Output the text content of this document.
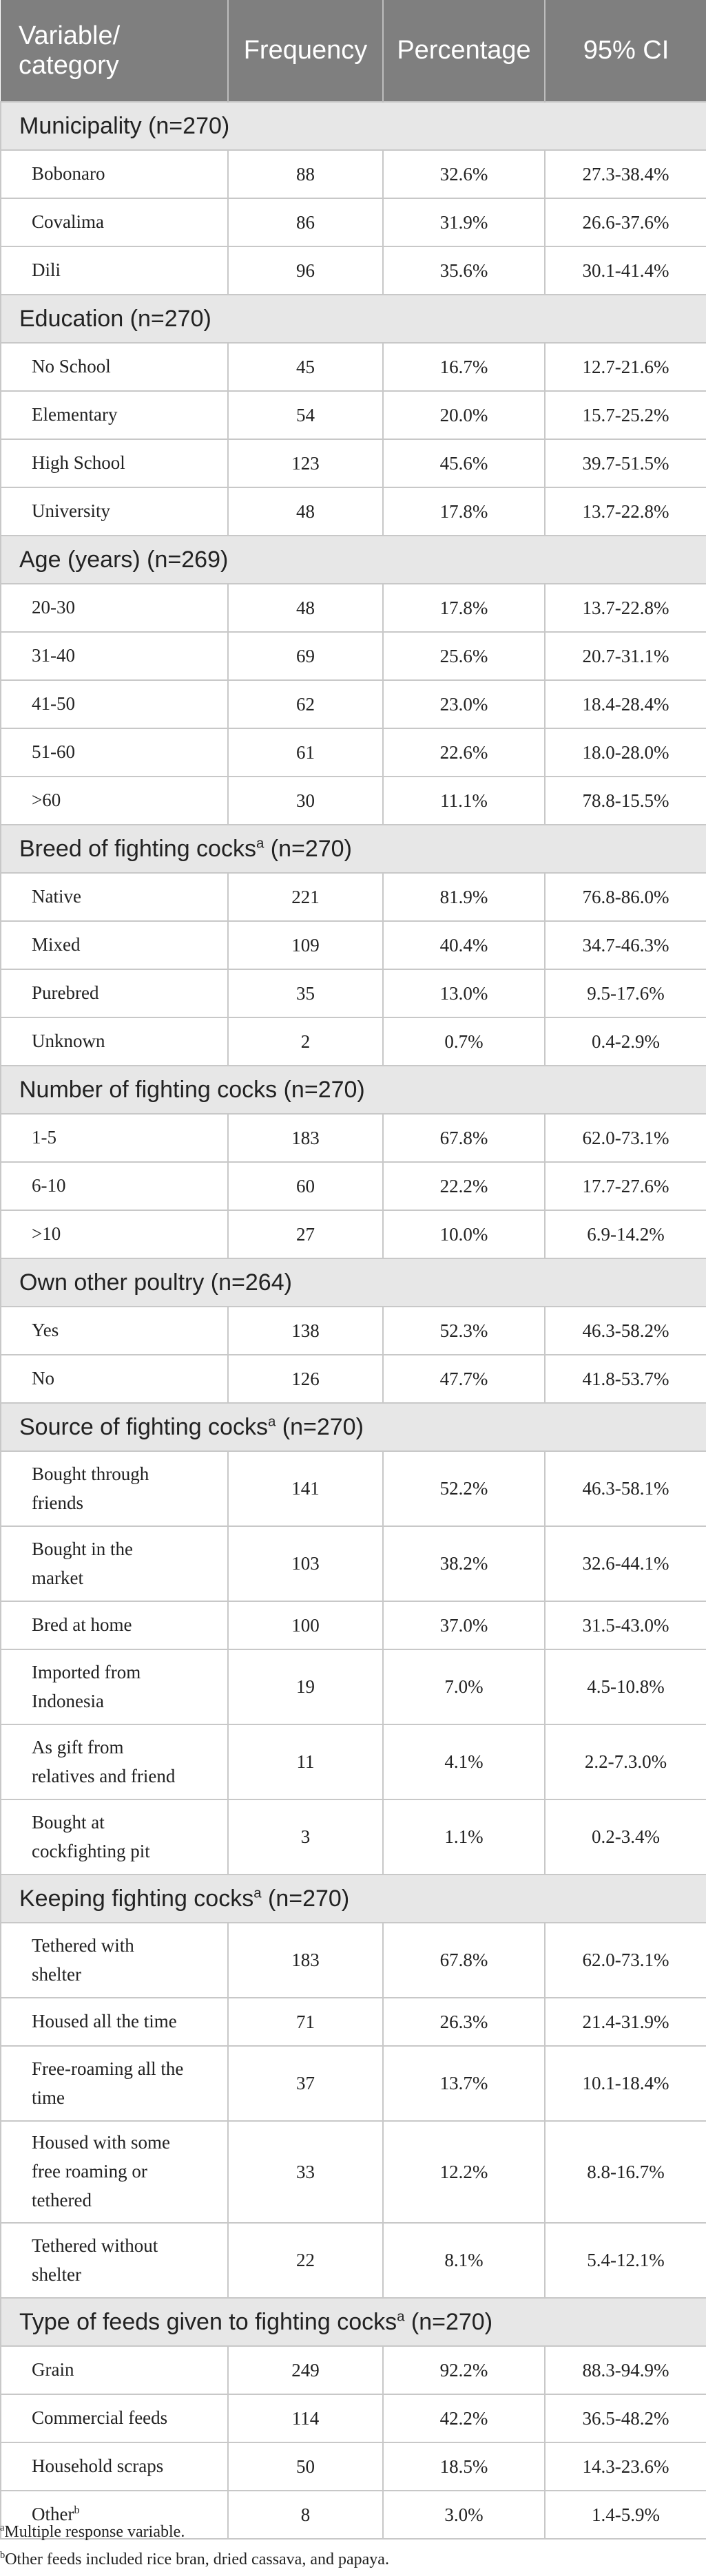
Variable/
category	Frequency	Percentage	95% CI
Municipality (n=270)			
Bobonaro	88	32.6%	27.3-38.4%
Covalima	86	31.9%	26.6-37.6%
Dili	96	35.6%	30.1-41.4%
Education (n=270)			
No School	45	16.7%	12.7-21.6%
Elementary	54	20.0%	15.7-25.2%
High School	123	45.6%	39.7-51.5%
University	48	17.8%	13.7-22.8%
Age (years) (n=269)			
20-30	48	17.8%	13.7-22.8%
31-40	69	25.6%	20.7-31.1%
41-50	62	23.0%	18.4-28.4%
51-60	61	22.6%	18.0-28.0%
>60	30	11.1%	78.8-15.5%
Breed of fighting cocks$^a$ (n=270)			
Native	221	81.9%	76.8-86.0%
Mixed	109	40.4%	34.7-46.3%
Purebred	35	13.0%	9.5-17.6%
Unknown	2	0.7%	0.4-2.9%
Number of fighting cocks (n=270)			
1-5	183	67.8%	62.0-73.1%
6-10	60	22.2%	17.7-27.6%
>10	27	10.0%	6.9-14.2%
Own other poultry (n=264)			
Yes	138	52.3%	46.3-58.2%
No	126	47.7%	41.8-53.7%
Source of fighting cocks$^a$ (n=270)			
Bought through
friends	141	52.2%	46.3-58.1%
Bought in the
market	103	38.2%	32.6-44.1%
Bred at home	100	37.0%	31.5-43.0%
Imported from
Indonesia	19	7.0%	4.5-10.8%
As gift from
relatives and friend	11	4.1%	2.2-7.3.0%
Bought at
cockfighting pit	3	1.1%	0.2-3.4%
Keeping fighting cocks$^a$ (n=270)			
Tethered with
shelter	183	67.8%	62.0-73.1%
Housed all the time	71	26.3%	21.4-31.9%
Free-roaming all the
time	37	13.7%	10.1-18.4%
Housed with some
free roaming or
tethered	33	12.2%	8.8-16.7%
Tethered without
shelter	22	8.1%	5.4-12.1%
Type of feeds given to fighting cocks$^a$ (n=270)			
Grain	249	92.2%	88.3-94.9%
Commercial feeds	114	42.2%	36.5-48.2%
Household scraps	50	18.5%	14.3-23.6%
Other$^b$	8	3.0%	1.4-5.9%
$^a$Multiple response variable.
$^b$Other feeds included rice bran, dried cassava, and papaya.
